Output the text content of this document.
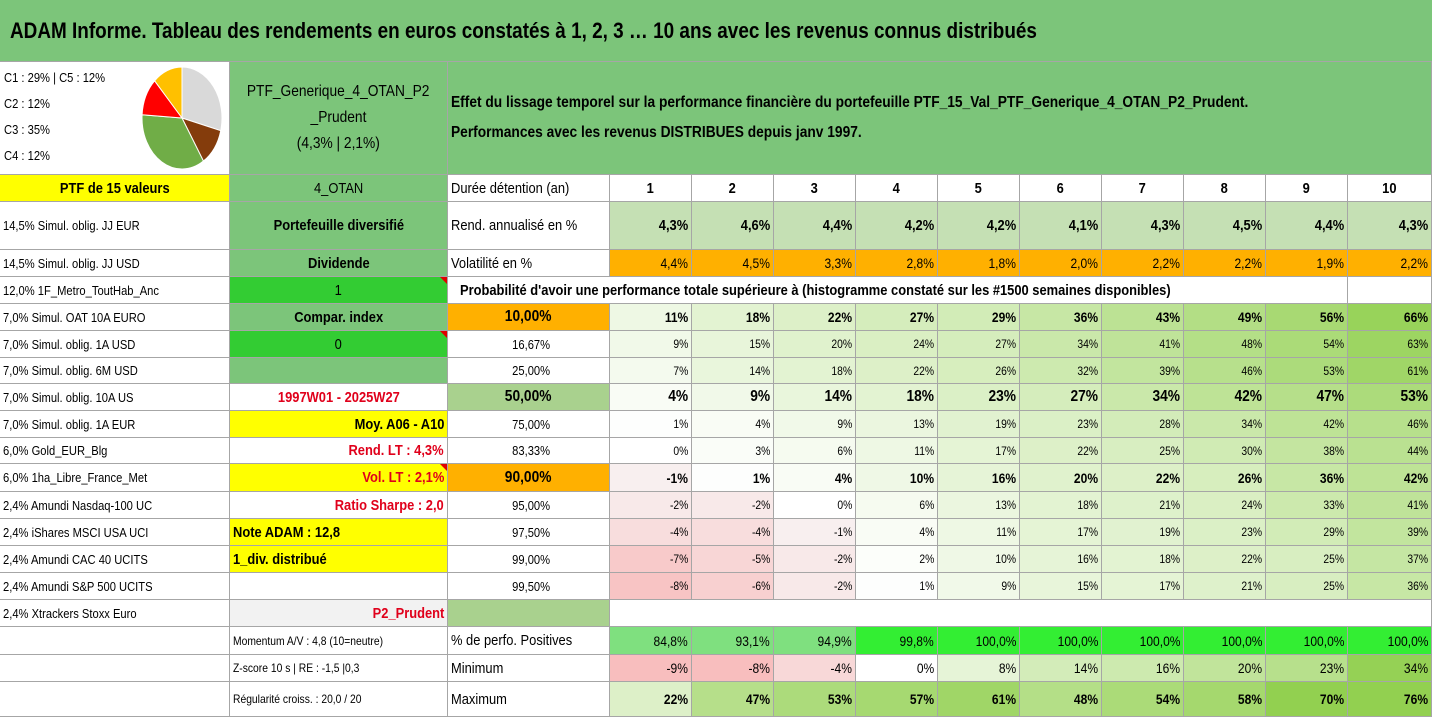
ADAM Informe. Tableau des rendements en euros constatés à 1, 2, 3 … 10 ans avec les revenus connus distribués
C1 : 29% | C5 : 12%
C2 : 12%
C3 : 35%
C4 : 12%
PTF_Generique_4_OTAN_P2
_Prudent
(4,3% | 2,1%)
Effet du lissage temporel sur la performance financière du portefeuille PTF_15_Val_PTF_Generique_4_OTAN_P2_Prudent.
Performances avec les revenus DISTRIBUES depuis janv 1997.
PTF de 15 valeurs
14,5% Simul. oblig. JJ EUR
14,5% Simul. oblig. JJ USD
12,0% 1F_Metro_ToutHab_Anc
7,0% Simul. OAT 10A EURO
7,0% Simul. oblig. 1A USD
7,0% Simul. oblig. 6M USD
7,0% Simul. oblig. 10A US
7,0% Simul. oblig. 1A EUR
6,0% Gold_EUR_Blg
6,0% 1ha_Libre_France_Met
2,4% Amundi Nasdaq-100 UC
2,4% iShares MSCI USA UCI
2,4% Amundi CAC 40 UCITS
2,4% Amundi S&P 500 UCITS
2,4% Xtrackers Stoxx Euro
4_OTAN
Portefeuille diversifié
Dividende
1
Compar. index
0
1997W01 - 2025W27
Moy. A06 - A10
Rend. LT : 4,3%
Vol. LT : 2,1%
Ratio Sharpe : 2,0
Note ADAM : 12,8
1_div. distribué
P2_Prudent
Momentum A/V : 4,8 (10=neutre)
Z-score 10 s | RE : -1,5 |0,3
Régularité croiss. : 20,0 / 20
Durée détention (an)	1	2	3	4	5	6	7	8	9	10
Rend. annualisé en %	4,3%	4,6%	4,4%	4,2%	4,2%	4,1%	4,3%	4,5%	4,4%	4,3%
Volatilité en %	4,4%	4,5%	3,3%	2,8%	1,8%	2,0%	2,2%	2,2%	1,9%	2,2%
Probabilité d'avoir une performance totale supérieure à (histogramme constaté sur les #1500 semaines disponibles)
10,00%	11%	18%	22%	27%	29%	36%	43%	49%	56%	66%
16,67%	9%	15%	20%	24%	27%	34%	41%	48%	54%	63%
25,00%	7%	14%	18%	22%	26%	32%	39%	46%	53%	61%
50,00%	4%	9%	14%	18%	23%	27%	34%	42%	47%	53%
75,00%	1%	4%	9%	13%	19%	23%	28%	34%	42%	46%
83,33%	0%	3%	6%	11%	17%	22%	25%	30%	38%	44%
90,00%	-1%	1%	4%	10%	16%	20%	22%	26%	36%	42%
95,00%	-2%	-2%	0%	6%	13%	18%	21%	24%	33%	41%
97,50%	-4%	-4%	-1%	4%	11%	17%	19%	23%	29%	39%
99,00%	-7%	-5%	-2%	2%	10%	16%	18%	22%	25%	37%
99,50%	-8%	-6%	-2%	1%	9%	15%	17%	21%	25%	36%
% de perfo. Positives	84,8%	93,1%	94,9%	99,8%	100,0%	100,0%	100,0%	100,0%	100,0%	100,0%
Minimum	-9%	-8%	-4%	0%	8%	14%	16%	20%	23%	34%
Maximum	22%	47%	53%	57%	61%	48%	54%	58%	70%	76%
